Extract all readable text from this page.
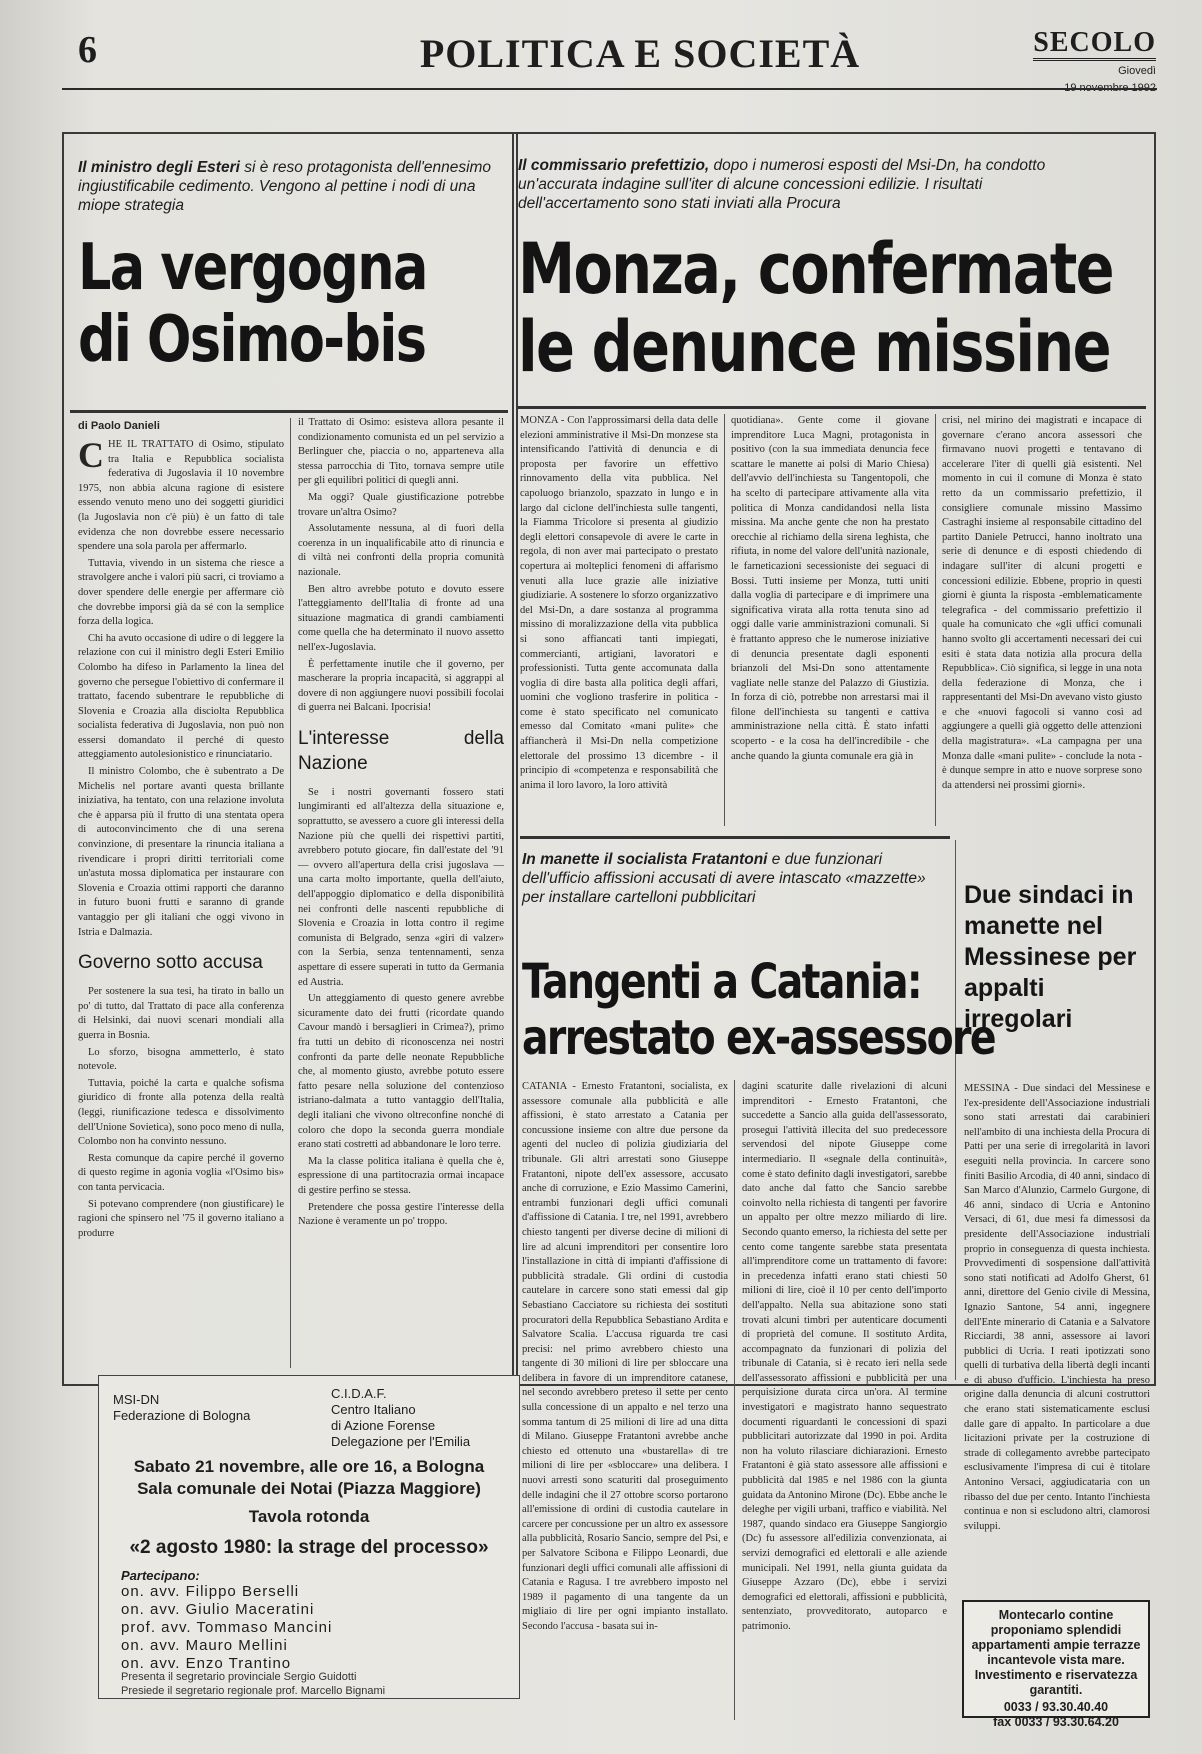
6	POLITICA E SOCIETÀ	SECOLO
Giovedì
Il ministro degli Esteri si è reso protagonista dell'ennesimo ingiustificabile cedimento. Vengono al pettine i nodi di una miope strategia
La vergogna
di Osimo-bis
di Paolo Danieli

CHE IL TRATTATO di Osimo, stipulato tra Italia e Repubblica socialista federativa di Jugoslavia il 10 novembre 1975, non abbia alcuna ragione di esistere essendo venuto meno uno dei soggetti giuridici (la Jugoslavia non c'è più) è un fatto di tale evidenza che non dovrebbe essere necessario spendere una sola parola per affermarlo.

Tuttavia, vivendo in un sistema che riesce a stravolgere anche i valori più sacri, ci troviamo a dover spendere delle energie per affermare ciò che dovrebbe imporsi già da sé con la semplice forza della logica.

Chi ha avuto occasione di udire o di leggere la relazione con cui il ministro degli Esteri Emilio Colombo ha difeso in Parlamento la linea del governo che persegue l'obiettivo di confermare il trattato, facendo subentrare le repubbliche di Slovenia e Croazia alla disciolta Repubblica socialista federativa di Jugoslavia, non può non essersi domandato il perché di questo atteggiamento autolesionistico e rinunciatario.

Il ministro Colombo, che è subentrato a De Michelis nel portare avanti questa brillante iniziativa, ha tentato, con una relazione involuta che è apparsa più il frutto di una stentata opera di autoconvincimento che di una serena convinzione, di presentare la rinuncia italiana a rivendicare i propri diritti territoriali come un'astuta mossa diplomatica per instaurare con Slovenia e Croazia ottimi rapporti che daranno in futuro buoni frutti e saranno di grande vantaggio per gli italiani che oggi vivono in Istria e Dalmazia.

Governo sotto accusa

Per sostenere la sua tesi, ha tirato in ballo un po' di tutto, dal Trattato di pace alla conferenza di Helsinki, dai nuovi scenari mondiali alla guerra in Bosnia.

Lo sforzo, bisogna ammetterlo, è stato notevole.

Tuttavia, poiché la carta e qualche sofisma giuridico di fronte alla potenza della realtà (leggi, riunificazione tedesca e dissolvimento dell'Unione Sovietica), sono poco meno di nulla, Colombo non ha convinto nessuno.

Resta comunque da capire perché il governo di questo regime in agonia voglia «l'Osimo bis» con tanta pervicacia.

Si potevano comprendere (non giustificare) le ragioni che spinsero nel '75 il governo italiano a produrre

il Trattato di Osimo: esisteva allora pesante il condizionamento comunista ed un pel servizio a Berlinguer che, piaccia o no, apparteneva alla stessa parrocchia di Tito, tornava sempre utile per gli equilibri politici di quegli anni.

Ma oggi? Quale giustificazione potrebbe trovare un'altra Osimo?

Assolutamente nessuna, al di fuori della coerenza in un inqualificabile atto di rinuncia e di viltà nei confronti della propria comunità nazionale.

Ben altro avrebbe potuto e dovuto essere l'atteggiamento dell'Italia di fronte ad una situazione magmatica di grandi cambiamenti come quella che ha determinato il nuovo assetto nell'ex-Jugoslavia.

È perfettamente inutile che il governo, per mascherare la propria incapacità, si aggrappi al dovere di non aggiungere nuovi possibili focolai di guerra nei Balcani. Ipocrisia!

L'interesse della Nazione

Se i nostri governanti fossero stati lungimiranti ed all'altezza della situazione e, soprattutto, se avessero a cuore gli interessi della Nazione più che quelli dei rispettivi partiti, avrebbero potuto giocare, fin dall'estate del '91 — ovvero all'apertura della crisi jugoslava — una carta molto importante, quella dell'aiuto, dell'appoggio diplomatico e della disponibilità nei confronti delle nascenti repubbliche di Slovenia e Croazia in lotta contro il regime comunista di Belgrado, senza «giri di valzer» con la Serbia, senza tentennamenti, senza aspettare di essere superati in tutto da Germania ed Austria.

Un atteggiamento di questo genere avrebbe sicuramente dato dei frutti (ricordate quando Cavour mandò i bersaglieri in Crimea?), primo fra tutti un debito di riconoscenza nei nostri confronti da parte delle neonate Repubbliche che, al momento giusto, avrebbe potuto essere fatto pesare nella soluzione del contenzioso istriano-dalmata a tutto vantaggio dell'Italia, degli italiani che vivono oltreconfine nonché di coloro che dopo la seconda guerra mondiale erano stati costretti ad abbandonare le loro terre.

Ma la classe politica italiana è quella che è, espressione di una partitocrazia ormai incapace di gestire perfino se stessa.

Pretendere che possa gestire l'interesse della Nazione è veramente un po' troppo.

Il commissario prefettizio, dopo i numerosi esposti del Msi-Dn, ha condotto un'accurata indagine sull'iter di alcune concessioni edilizie. I risultati dell'accertamento sono stati inviati alla Procura
Monza, confermate
le denunce missine

MONZA - Con l'approssimarsi della data delle elezioni amministrative il Msi-Dn monzese sta intensificando l'attività di denuncia e di proposta per favorire un effettivo rinnovamento della vita pubblica. Nel capoluogo brianzolo, spazzato in lungo e in largo dal ciclone dell'inchiesta sulle tangenti, la Fiamma Tricolore si presenta al giudizio degli elettori consapevole di avere le carte in regola, di non aver mai partecipato o prestato copertura ai molteplici fenomeni di affarismo venuti alla luce grazie alle iniziative giudiziarie. A sostenere lo sforzo organizzativo del Msi-Dn, a dare sostanza al programma missino di moralizzazione della vita pubblica si sono affiancati tanti impiegati, commercianti, artigiani, lavoratori e professionisti. Tutta gente accomunata dalla voglia di dire basta alla politica degli affari, uomini che vogliono trasferire in politica - come è stato specificato nel comunicato emesso dal Comitato «mani pulite» che affiancherà il Msi-Dn nella competizione elettorale del prossimo 13 dicembre - il principio di «competenza e responsabilità che anima il loro lavoro, la loro attività

quotidiana». Gente come il giovane imprenditore Luca Magni, protagonista in positivo (con la sua immediata denuncia fece scattare le manette ai polsi di Mario Chiesa) dell'avvio dell'inchiesta su Tangentopoli, che ha scelto di partecipare attivamente alla vita politica di Monza candidandosi nella lista missina. Ma anche gente che non ha prestato orecchie al richiamo della sirena leghista, che rifiuta, in nome del valore dell'unità nazionale, le farneticazioni secessioniste dei seguaci di Bossi. Tutti insieme per Monza, tutti uniti dalla voglia di partecipare e di imprimere una significativa virata alla rotta tenuta sino ad oggi dalle varie amministrazioni comunali. Si è frattanto appreso che le numerose iniziative di denuncia presentate dagli esponenti brianzoli del Msi-Dn sono attentamente vagliate nelle stanze del Palazzo di Giustizia. In forza di ciò, potrebbe non arrestarsi mai il filone dell'inchiesta su tangenti e cattiva amministrazione nella città. È stato infatti scoperto - e la cosa ha dell'incredibile - che anche quando la giunta comunale era già in

crisi, nel mirino dei magistrati e incapace di governare c'erano ancora assessori che firmavano nuovi progetti e tentavano di accelerare l'iter di quelli già esistenti. Nel momento in cui il comune di Monza è stato retto da un commissario prefettizio, il consigliere comunale missino Massimo Castraghi insieme al responsabile cittadino del partito Daniele Petrucci, hanno inoltrato una serie di denunce e di esposti chiedendo di indagare sull'iter di alcuni progetti e concessioni edilizie. Ebbene, proprio in questi giorni è giunta la risposta -emblematicamente telegrafica - del commissario prefettizio il quale ha comunicato che «gli uffici comunali hanno svolto gli accertamenti necessari dei cui esiti è stata data notizia alla procura della Repubblica». Ciò significa, si legge in una nota della federazione di Monza, che i rappresentanti del Msi-Dn avevano visto giusto e che «nuovi fagocoli si vanno così ad aggiungere a quelli già oggetto delle attenzioni della magistratura». «La campagna per una Monza dalle «mani pulite» - conclude la nota - è dunque sempre in atto e nuove sorprese sono da attendersi nei prossimi giorni».

In manette il socialista Fratantoni e due funzionari dell'ufficio affissioni accusati di avere intascato «mazzette» per installare cartelloni pubblicitari
Tangenti a Catania:
arrestato ex-assessore

CATANIA - Ernesto Fratantoni, socialista, ex assessore comunale alla pubblicità e alle affissioni, è stato arrestato a Catania per concussione insieme con altre due persone da agenti del nucleo di polizia giudiziaria del tribunale. Gli altri arrestati sono Giuseppe Fratantoni, nipote dell'ex assessore, accusato anche di corruzione, e Ezio Massimo Camerini, entrambi funzionari degli uffici comunali d'affissione di Catania. I tre, nel 1991, avrebbero chiesto tangenti per diverse decine di milioni di lire ad alcuni imprenditori per consentire loro l'installazione in città di impianti d'affissione di pubblicità stradale. Gli ordini di custodia cautelare in carcere sono stati emessi dal gip Sebastiano Cacciatore su richiesta dei sostituti procuratori della Repubblica Sebastiano Ardita e Salvatore Scalia. L'accusa riguarda tre casi precisi: nel primo avrebbero chiesto una tangente di 30 milioni di lire per sbloccare una delibera in favore di un imprenditore catanese, nel secondo avrebbero preteso il sette per cento sulla concessione di un appalto e nel terzo una somma tantum di 25 milioni di lire ad una ditta di Milano. Giuseppe Fratantoni avrebbe anche chiesto ed ottenuto una «bustarella» di tre milioni di lire per «sbloccare» una delibera. I nuovi arresti sono scaturiti dal proseguimento delle indagini che il 27 ottobre scorso portarono all'emissione di ordini di custodia cautelare in carcere per concussione per un altro ex assessore alla pubblicità, Rosario Sancio, sempre del Psi, e per Salvatore Scibona e Filippo Leonardi, due funzionari degli uffici comunali alle affissioni di Catania e Ragusa. I tre avrebbero imposto nel 1989 il pagamento di una tangente da un migliaio di lire per ogni impianto installato. Secondo l'accusa - basata sui in-

dagini scaturite dalle rivelazioni di alcuni imprenditori - Ernesto Fratantoni, che succedette a Sancio alla guida dell'assessorato, proseguì l'attività illecita del suo predecessore servendosi del nipote Giuseppe come intermediario. Il «segnale della continuità», come è stato definito dagli investigatori, sarebbe dato anche dal fatto che Sancio sarebbe coinvolto nella richiesta di tangenti per favorire un appalto per oltre mezzo miliardo di lire. Secondo quanto emerso, la richiesta del sette per cento come tangente sarebbe stata presentata all'imprenditore come un trattamento di favore: in precedenza infatti erano stati chiesti 50 milioni di lire, cioè il 10 per cento dell'importo dell'appalto. Nella sua abitazione sono stati trovati alcuni timbri per autenticare documenti di proprietà del comune. Il sostituto Ardita, accompagnato da funzionari di polizia del tribunale di Catania, si è recato ieri nella sede dell'assessorato affissioni e pubblicità per una perquisizione durata circa un'ora. Al termine investigatori e magistrato hanno sequestrato documenti riguardanti le concessioni di spazi pubblicitari autorizzate dal 1990 in poi. Ardita non ha voluto rilasciare dichiarazioni. Ernesto Fratantoni è già stato assessore alle affissioni e pubblicità dal 1985 e nel 1986 con la giunta guidata da Antonino Mirone (Dc). Ebbe anche le deleghe per vigili urbani, traffico e viabilità. Nel 1987, quando sindaco era Giuseppe Sangiorgio (Dc) fu assessore all'edilizia convenzionata, ai servizi demografici ed elettorali e alle aziende municipali. Nel 1991, nella giunta guidata da Giuseppe Azzaro (Dc), ebbe i servizi demografici ed elettorali, affissioni e pubblicità, sentenziato, provveditorato, autoparco e patrimonio.

Due sindaci in manette nel Messinese per appalti irregolari

MESSINA - Due sindaci del Messinese e l'ex-presidente dell'Associazione industriali sono stati arrestati dai carabinieri nell'ambito di una inchiesta della Procura di Patti per una serie di irregolarità in lavori eseguiti nella provincia. In carcere sono finiti Basilio Arcodia, di 40 anni, sindaco di San Marco d'Alunzio, Carmelo Gurgone, di 46 anni, sindaco di Ucria e Antonino Versaci, di 61, due mesi fa dimessosi da presidente dell'Associazione industriali proprio in conseguenza di questa inchiesta. Provvedimenti di sospensione dall'attività sono stati notificati ad Adolfo Gherst, 61 anni, direttore del Genio civile di Messina, Ignazio Santone, 54 anni, ingegnere dell'Ente minerario di Catania e a Salvatore Ricciardi, 38 anni, assessore ai lavori pubblici di Ucria. I reati ipotizzati sono quelli di turbativa della libertà degli incanti e di abuso d'ufficio. L'inchiesta ha preso origine dalla denuncia di alcuni costruttori che erano stati sistematicamente esclusi dalle gare di appalto. In particolare a due licitazioni private per la costruzione di strade di collegamento avrebbe partecipato esclusivamente l'impresa di cui è titolare Antonino Versaci, aggiudicataria con un ribasso del due per cento. Intanto l'inchiesta continua e non si escludono altri, clamorosi sviluppi.

MSI-DN
Federazione di Bologna
C.I.D.A.F.
Centro Italiano
di Azione Forense
Delegazione per l'Emilia
Sabato 21 novembre, alle ore 16, a Bologna
Sala comunale dei Notai (Piazza Maggiore)
Tavola rotonda
«2 agosto 1980: la strage del processo»
Partecipano:
on. avv. Filippo Berselli
on. avv. Giulio Maceratini
prof. avv. Tommaso Mancini
on. avv. Mauro Mellini
on. avv. Enzo Trantino
Presenta il segretario provinciale Sergio Guidotti
Presiede il segretario regionale prof. Marcello Bignami
Montecarlo contine proponiamo splendidi appartamenti ampie terrazze incantevole vista mare. Investimento e riservatezza garantiti.
0033 / 93.30.40.40
fax 0033 / 93.30.64.20
